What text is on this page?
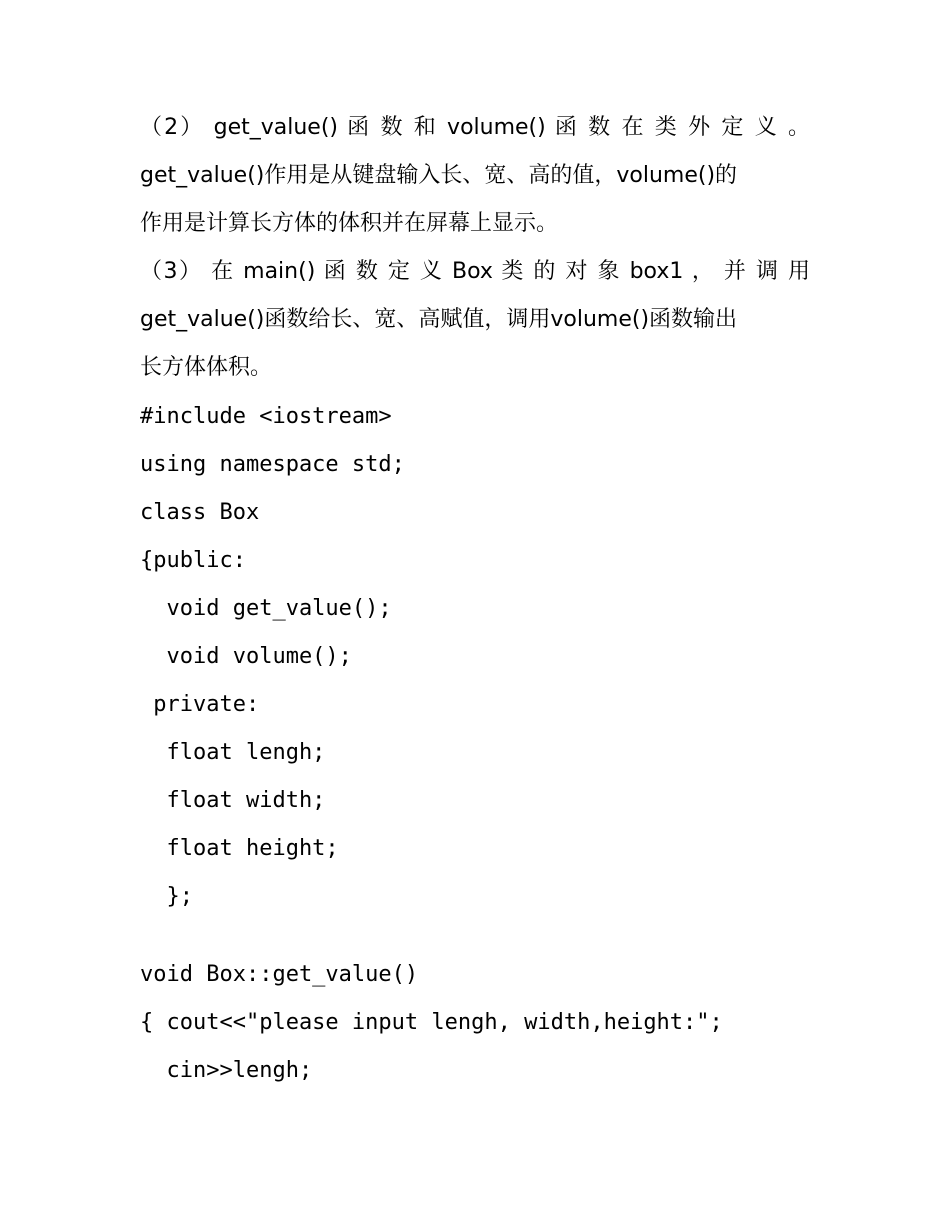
（2） get_value() 函 数 和 volume() 函 数 在 类 外 定 义 。
get_value()作用是从键盘输入长、宽、高的值，volume()的
作用是计算长方体的体积并在屏幕上显示。
（3） 在 main() 函 数 定 义 Box 类 的 对 象 box1 ， 并 调 用
get_value()函数给长、宽、高赋值，调用volume()函数输出
长方体体积。
#include <iostream>
using namespace std;
class Box
{public:
void get_value();
void volume();
private:
float lengh;
float width;
float height;
};
void Box::get_value()
{ cout<<"please input lengh, width,height:";
cin>>lengh;
